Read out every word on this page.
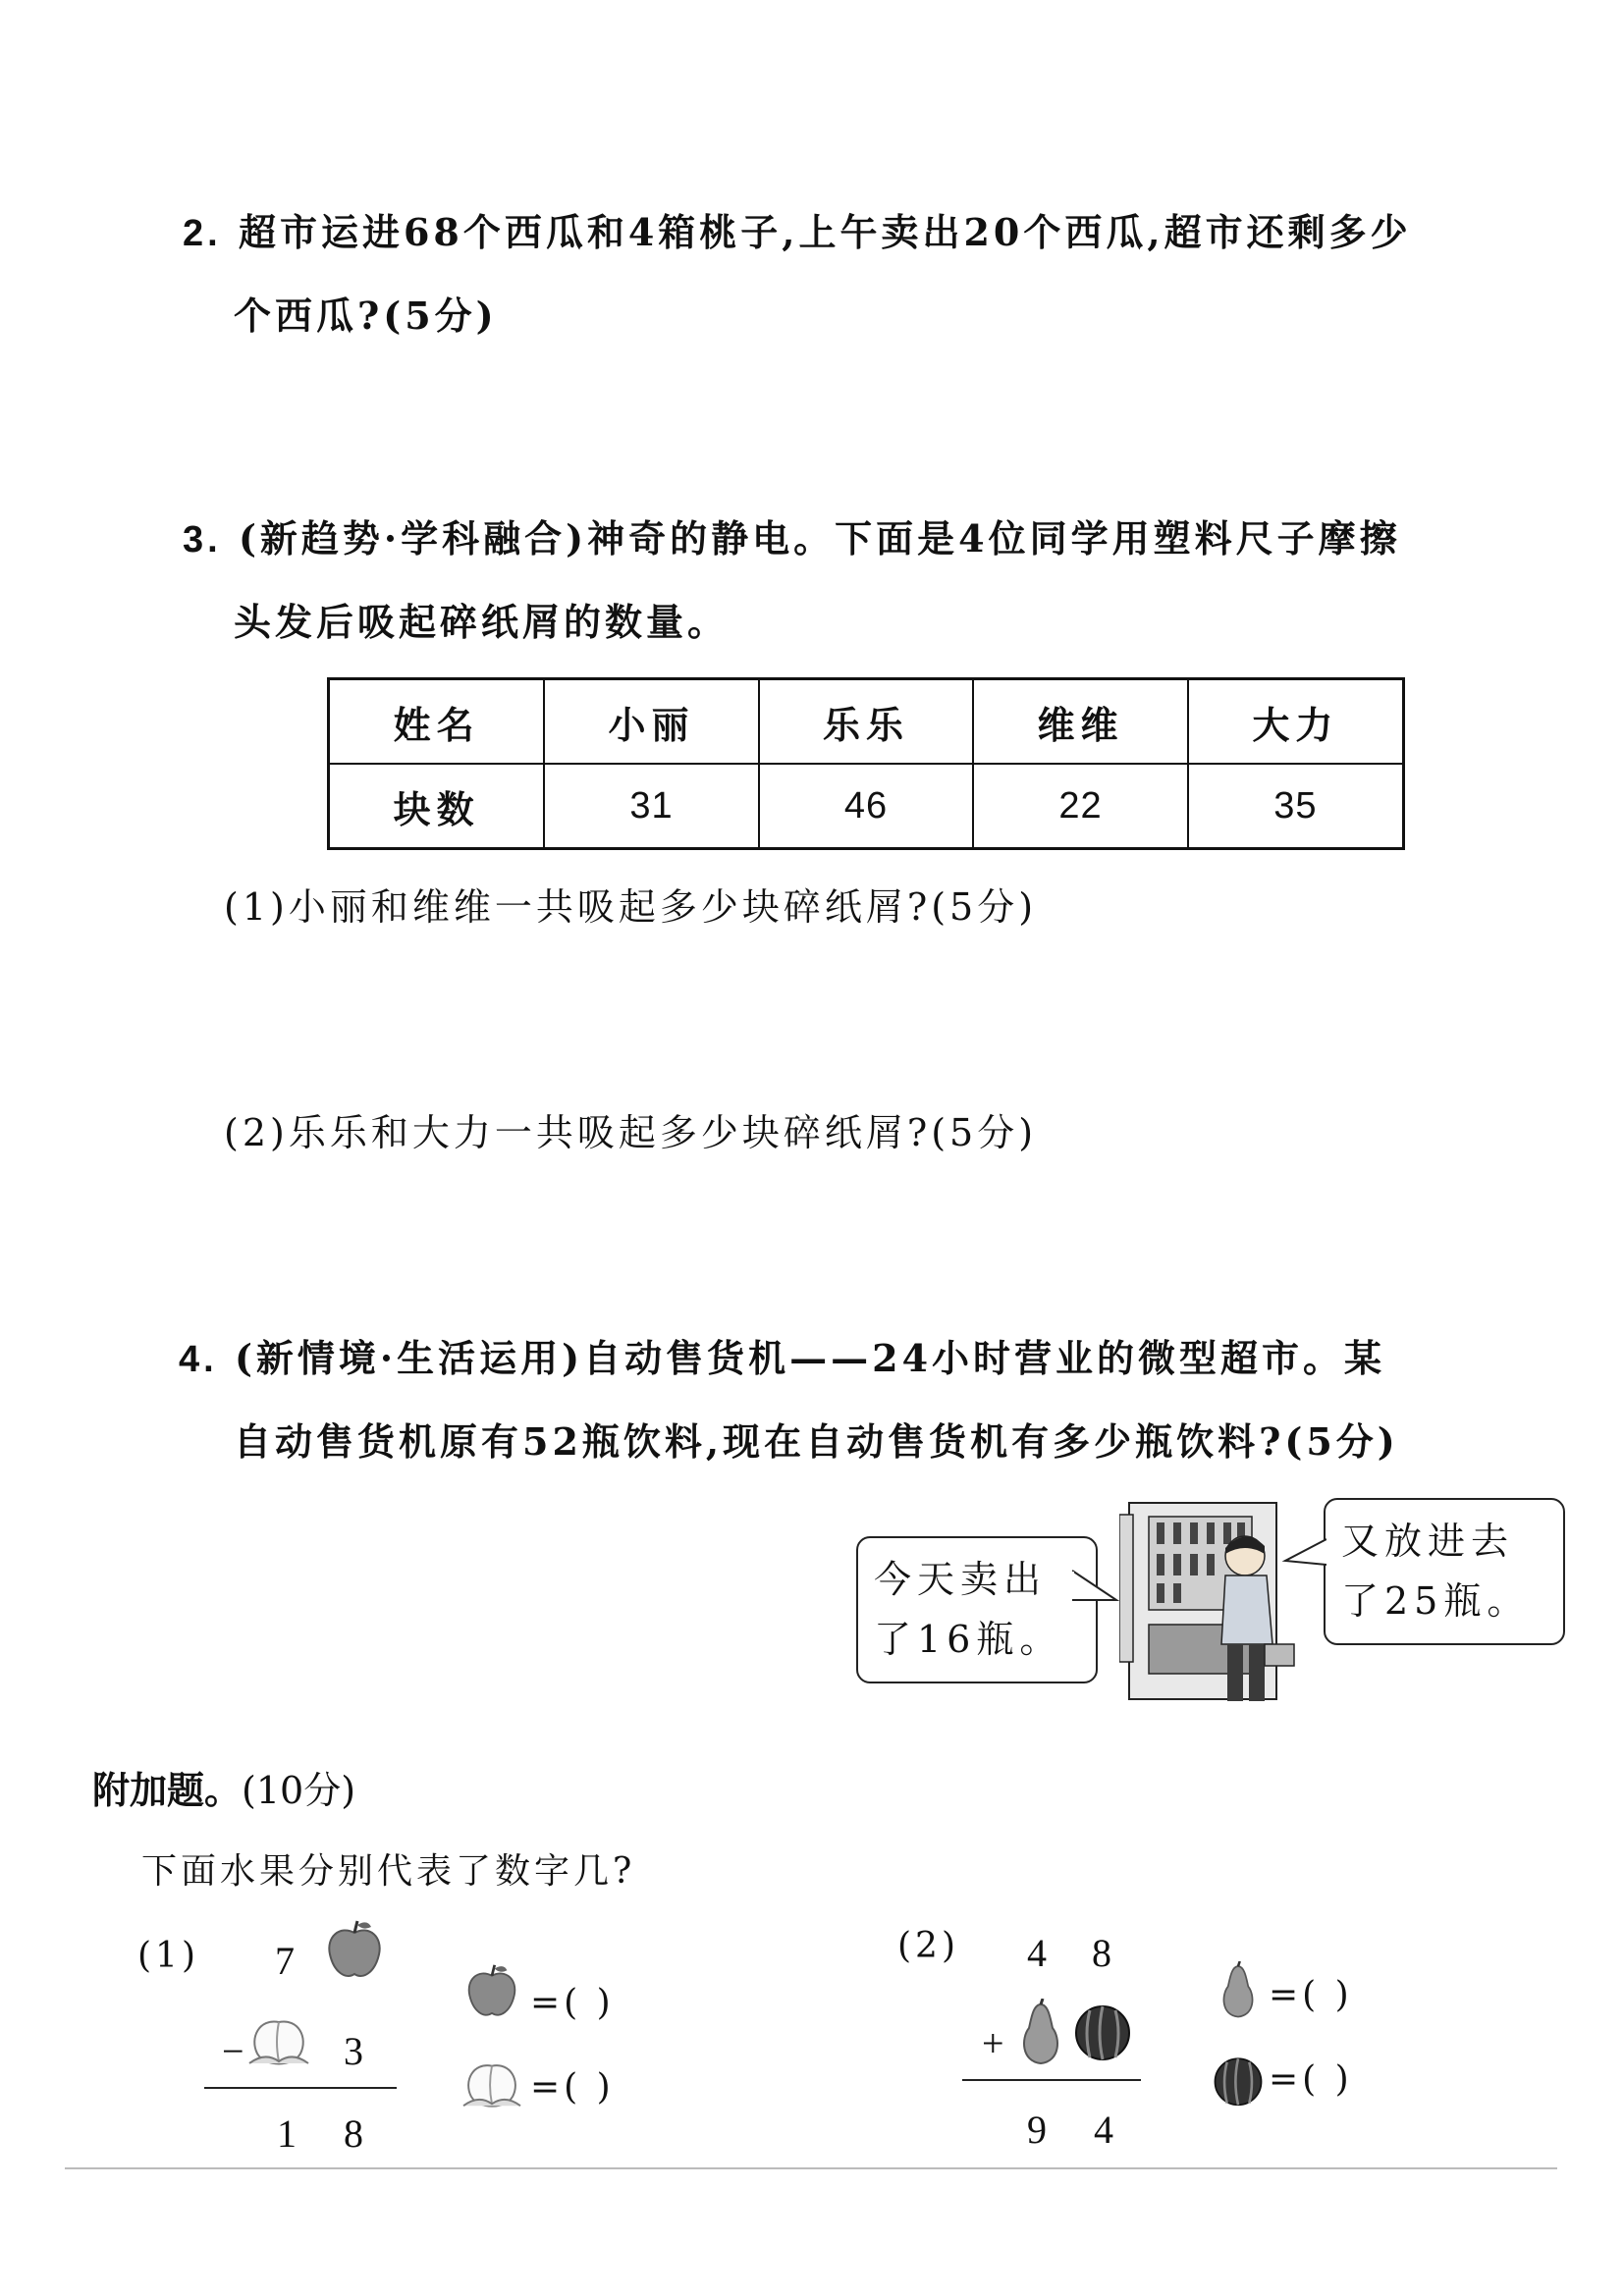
2. 超市运进68个西瓜和4箱桃子,上午卖出20个西瓜,超市还剩多少
个西瓜?(5分)
3. (新趋势·学科融合)神奇的静电。下面是4位同学用塑料尺子摩擦
头发后吸起碎纸屑的数量。
姓名	小丽	乐乐	维维	大力
块数	31	46	22	35
(1)小丽和维维一共吸起多少块碎纸屑?(5分)
(2)乐乐和大力一共吸起多少块碎纸屑?(5分)
4. (新情境·生活运用)自动售货机——24小时营业的微型超市。某
自动售货机原有52瓶饮料,现在自动售货机有多少瓶饮料?(5分)
今天卖出
了16瓶。
又放进去
了25瓶。
附加题。(10分)
下面水果分别代表了数字几?
(1) 7
−	3
1 8
=( )
=( )
(2) 4 8
+
9 4
=( )
=( )
